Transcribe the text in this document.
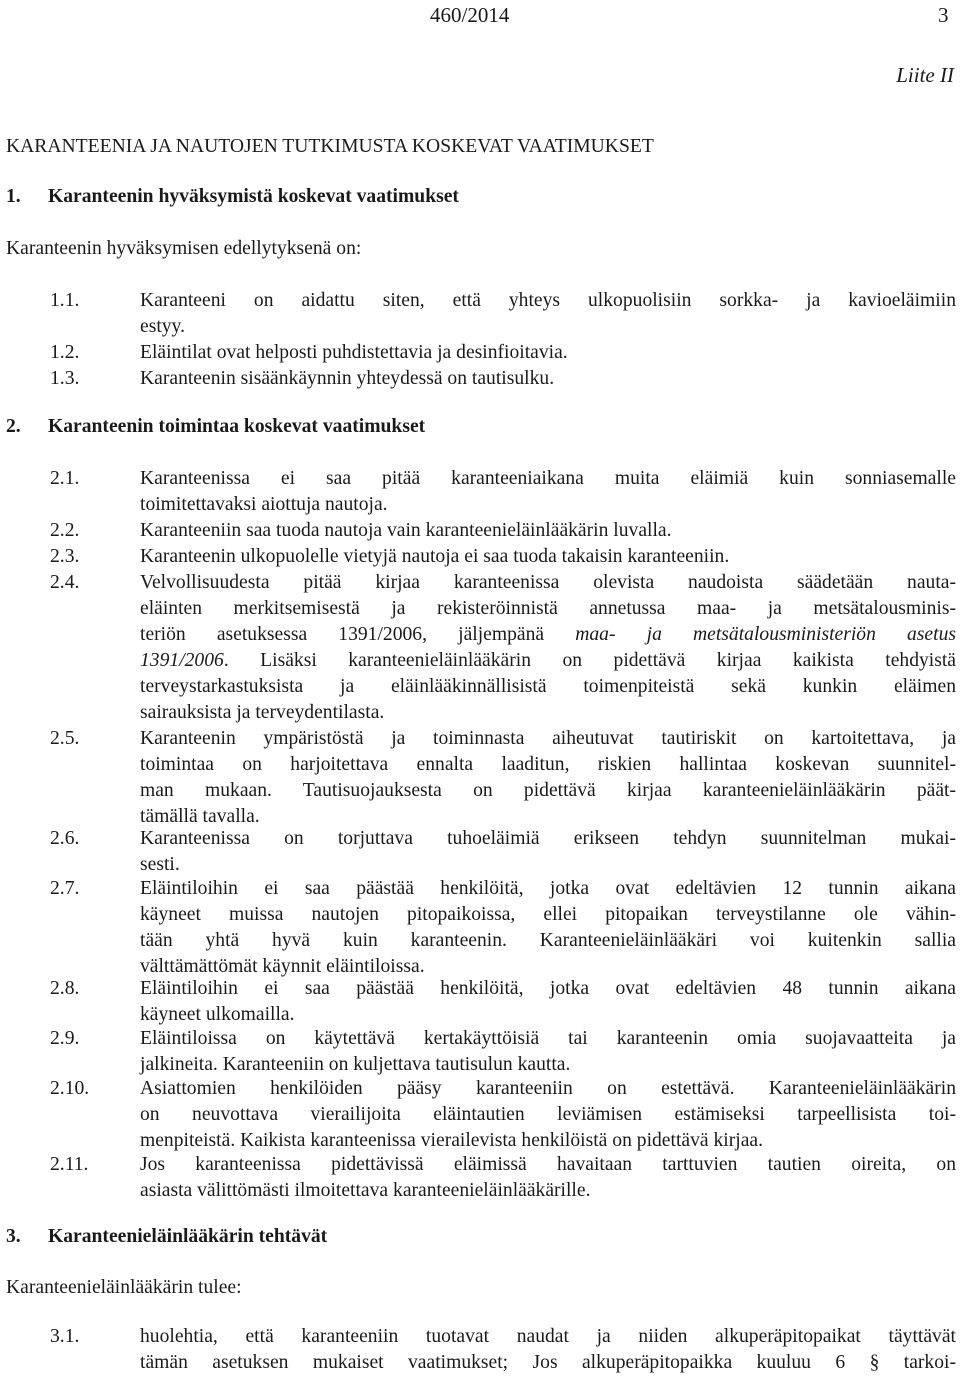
460/2014	3
Liite II
KARANTEENIA JA NAUTOJEN TUTKIMUSTA KOSKEVAT VAATIMUKSET
1. Karanteenin hyväksymistä koskevat vaatimukset
Karanteenin hyväksymisen edellytyksenä on:
1.1.	Karanteeni on aidattu siten, että yhteys ulkopuolisiin sorkka- ja kavioeläimiin
estyy.
1.2.	Eläintilat ovat helposti puhdistettavia ja desinfioitavia.
1.3.	Karanteenin sisäänkäynnin yhteydessä on tautisulku.
2. Karanteenin toimintaa koskevat vaatimukset
2.1.	Karanteenissa ei saa pitää karanteeniaikana muita eläimiä kuin sonniasemalle
toimitettavaksi aiottuja nautoja.
2.2.	Karanteeniin saa tuoda nautoja vain karanteenieläinlääkärin luvalla.
2.3.	Karanteenin ulkopuolelle vietyjä nautoja ei saa tuoda takaisin karanteeniin.
2.4.	Velvollisuudesta pitää kirjaa karanteenissa olevista naudoista säädetään nauta-
eläinten merkitsemisestä ja rekisteröinnistä annetussa maa- ja metsätalousminis-
teriön asetuksessa 1391/2006, jäljempänä maa- ja metsätalousministeriön asetus
1391/2006. Lisäksi karanteenieläinlääkärin on pidettävä kirjaa kaikista tehdyistä
terveystarkastuksista ja eläinlääkinnällisistä toimenpiteistä sekä kunkin eläimen
sairauksista ja terveydentilasta.
2.5.	Karanteenin ympäristöstä ja toiminnasta aiheutuvat tautiriskit on kartoitettava, ja
toimintaa on harjoitettava ennalta laaditun, riskien hallintaa koskevan suunnitel-
man mukaan. Tautisuojauksesta on pidettävä kirjaa karanteenieläinlääkärin päät-
tämällä tavalla.
2.6.	Karanteenissa on torjuttava tuhoeläimiä erikseen tehdyn suunnitelman mukai-
sesti.
2.7.	Eläintiloihin ei saa päästää henkilöitä, jotka ovat edeltävien 12 tunnin aikana
käyneet muissa nautojen pitopaikoissa, ellei pitopaikan terveystilanne ole vähin-
tään yhtä hyvä kuin karanteenin. Karanteenieläinlääkäri voi kuitenkin sallia
välttämättömät käynnit eläintiloissa.
2.8.	Eläintiloihin ei saa päästää henkilöitä, jotka ovat edeltävien 48 tunnin aikana
käyneet ulkomailla.
2.9.	Eläintiloissa on käytettävä kertakäyttöisiä tai karanteenin omia suojavaatteita ja
jalkineita. Karanteeniin on kuljettava tautisulun kautta.
2.10.	Asiattomien henkilöiden pääsy karanteeniin on estettävä. Karanteenieläinlääkärin
on neuvottava vierailijoita eläintautien leviämisen estämiseksi tarpeellisista toi-
menpiteistä. Kaikista karanteenissa vierailevista henkilöistä on pidettävä kirjaa.
2.11.	Jos karanteenissa pidettävissä eläimissä havaitaan tarttuvien tautien oireita, on
asiasta välittömästi ilmoitettava karanteenieläinlääkärille.
3. Karanteenieläinlääkärin tehtävät
Karanteenieläinlääkärin tulee:
3.1.	huolehtia, että karanteeniin tuotavat naudat ja niiden alkuperäpitopaikat täyttävät
tämän asetuksen mukaiset vaatimukset; Jos alkuperäpitopaikka kuuluu 6 § tarkoi-
